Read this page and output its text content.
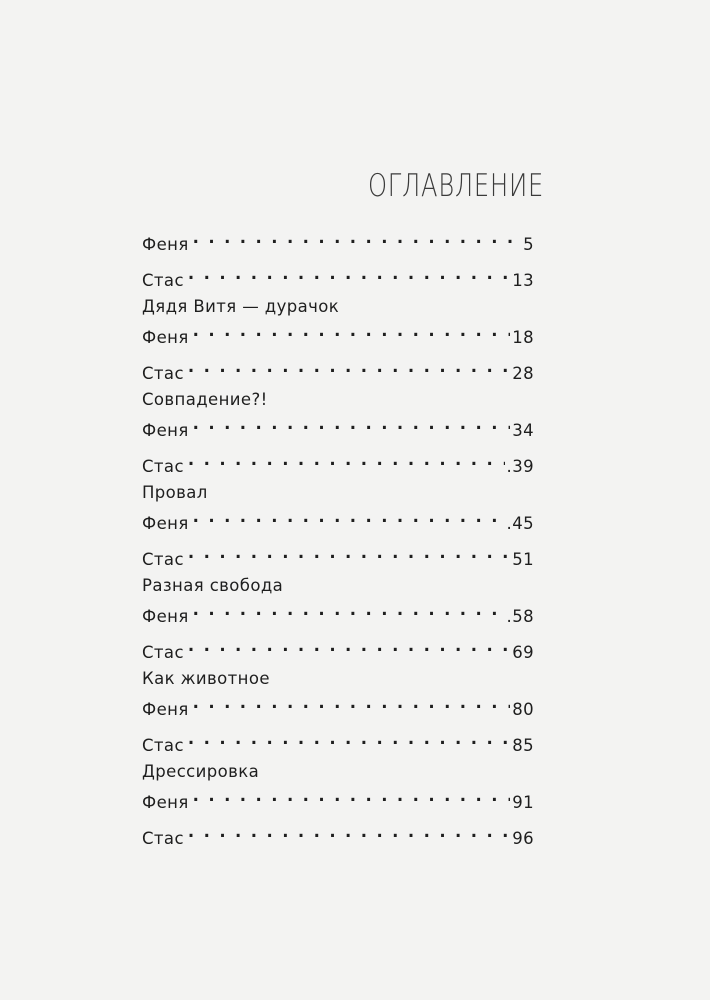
ОГЛАВЛЕНИЕ
Феня . . .	5
Стас . . .	13
Дядя Витя — дурачок
Феня . . .	18
Стас . . .	28
Совпадение?!
Феня . . .	34
Стас . . .	.39
Провал
Феня . . .	.45
Стас . . .	51
Разная свобода
Феня . . .	.58
Стас . . .	69
Как животное
Феня . . .	80
Стас . . .	85
Дрессировка
Феня . . .	91
Стас . . .	96
